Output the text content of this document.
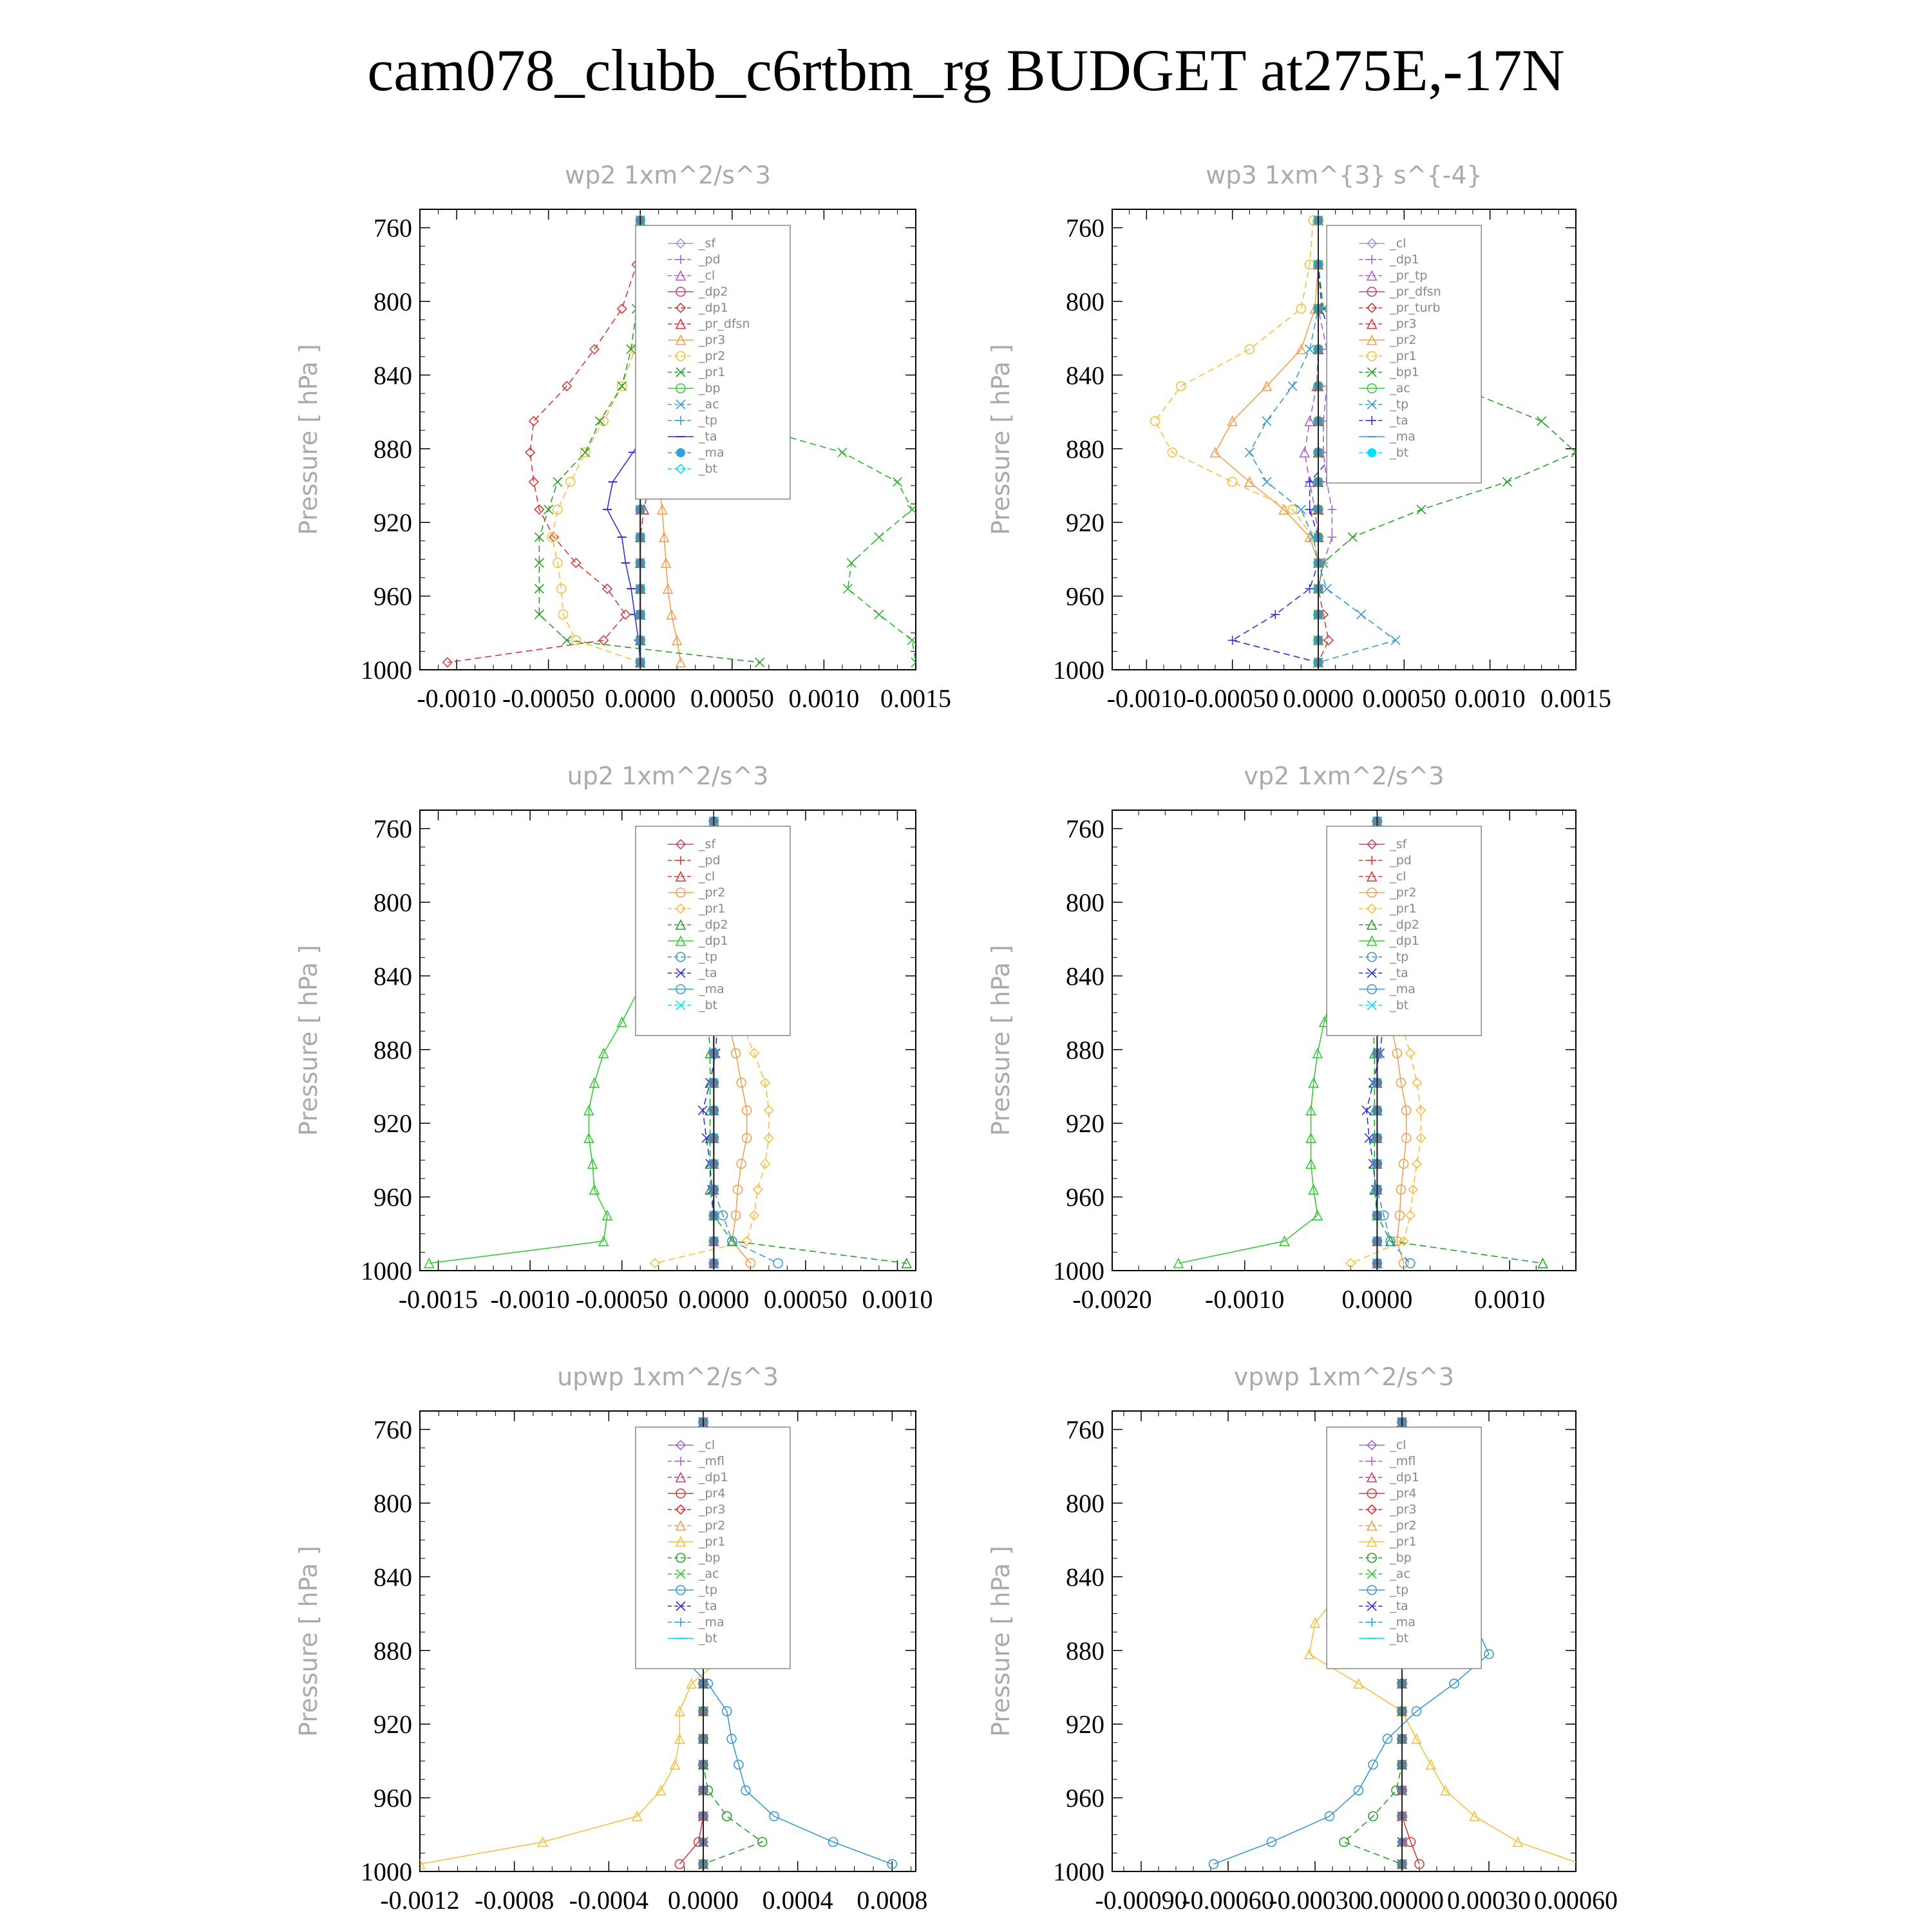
cam078_clubb_c6rtbm_rg BUDGET at275E,-17N
wp2 1xm^2/s^3
Pressure [ hPa ]
760
800
840
880
920
960
1000
-0.0010 -0.00050 0.0000 0.00050 0.0010 0.0015
_sf
_pd
_cl
_dp2
_dp1
_pr_dfsn
_pr3
_pr2
_pr1
_bp
_ac
_tp
_ta
_ma
_bt
wp3 1xm^{3} s^{-4}
Pressure [ hPa ]
760
800
840
880
920
960
1000
-0.0010 -0.00050 0.0000 0.00050 0.0010 0.0015
_cl
_dp1
_pr_tp
_pr_dfsn
_pr_turb
_pr3
_pr2
_pr1
_bp1
_ac
_tp
_ta
_ma
_bt
up2 1xm^2/s^3
Pressure [ hPa ]
760
800
840
880
920
960
1000
-0.0015 -0.0010 -0.00050 0.0000 0.00050 0.0010
_sf
_pd
_cl
_pr2
_pr1
_dp2
_dp1
_tp
_ta
_ma
_bt
vp2 1xm^2/s^3
Pressure [ hPa ]
760
800
840
880
920
960
1000
-0.0020 -0.0010 0.0000 0.0010
_sf
_pd
_cl
_pr2
_pr1
_dp2
_dp1
_tp
_ta
_ma
_bt
upwp 1xm^2/s^3
Pressure [ hPa ]
760
800
840
880
920
960
1000
-0.0012 -0.0008 -0.0004 0.0000 0.0004 0.0008
_cl
_mfl
_dp1
_pr4
_pr3
_pr2
_pr1
_bp
_ac
_tp
_ta
_ma
_bt
vpwp 1xm^2/s^3
Pressure [ hPa ]
760
800
840
880
920
960
1000
-0.00090
-0.00060
-0.00030
0.00000 0.00030 0.00060
_cl
_mfl
_dp1
_pr4
_pr3
_pr2
_pr1
_bp
_ac
_tp
_ta
_ma
_bt
